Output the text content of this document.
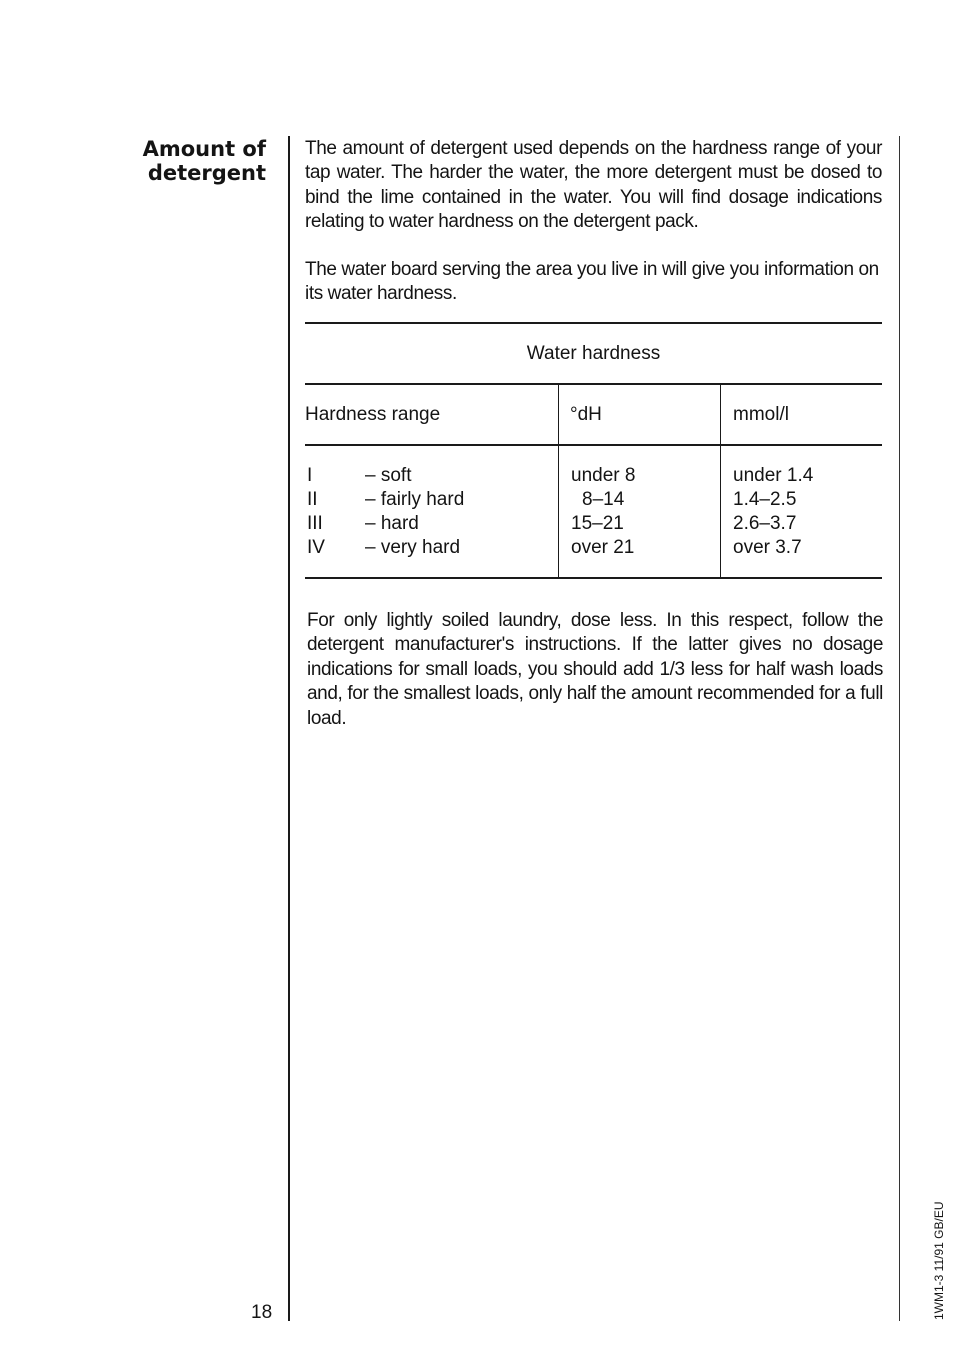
Amount of
detergent

The amount of detergent used depends on the hardness range of your tap water. The harder the water, the more detergent must be dosed to bind the lime contained in the water. You will find dosage indications relating to water hardness on the detergent pack.

The water board serving the area you live in will give you information on its water hardness.

Water hardness
Hardness range	°dH	mmol/l
I	– soft	under 8	under 1.4
II – fairly hard	8–14	1.4–2.5
III – hard	15–21	2.6–3.7
IV – very hard	over 21	over 3.7

For only lightly soiled laundry, dose less. In this respect, follow the detergent manufacturer's instructions. If the latter gives no dosage indications for small loads, you should add 1/3 less for half wash loads and, for the smallest loads, only half the amount recommended for a full load.

18	1WM1-3 11/91 GB/EU
